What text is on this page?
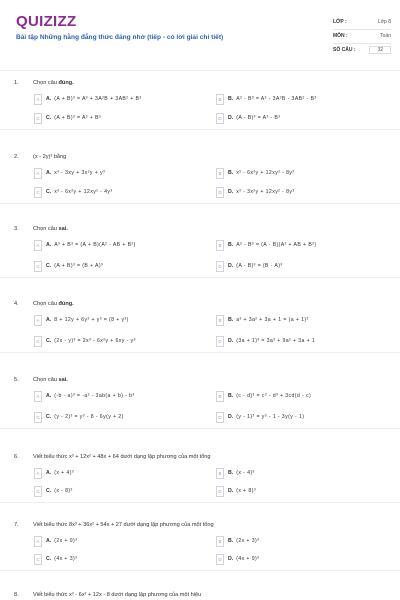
QUIZIZZ
Bài tập Những hằng đẳng thức đáng nhớ (tiếp - có lời giải chi tiết)
LỚP :	Lớp 8
MÔN :	Toán
SỐ CÂU :	32
1.	Chọn câu đúng.
A	A. (A + B)³ = A³ + 3A²B + 3AB² + B³	B	B. A³ - B³ = A³ - 3A²B - 3AB² - B³
C	C. (A + B)³ = A³ + B³	D	D. (A - B)³ = A³ - B³
2.	(x - 2y)³ bằng
A	A. x³ - 3xy + 3x²y + y³	B	B. x³ - 6x²y + 12xy² - 8y³
C	C. x³ - 6x²y + 12xy² - 4y³	D	D. x³ - 3x²y + 12xy² - 8y³
3.	Chọn câu sai.
A	A. A³ + B³ = (A + B)(A² - AB + B²)	B	B. A³ - B³ = (A - B)(A² + AB + B²)
C	C. (A + B)³ = (B + A)³	D	D. (A - B)³ = (B - A)³
4.	Chọn câu đúng.
A	A. 8 + 12y + 6y² + y³ = (8 + y³)	B	B. a³ + 3a² + 3a + 1 = (a + 1)³
C	C. (2x - y)³ = 2x³ - 6x²y + 6xy - y³	D	D. (3a + 1)³ = 3a³ + 9a² + 3a + 1
5.	Chọn câu sai.
A	A. (-b - a)³ = -a³ - 3ab(a + b) - b³	B	B. (c - d)³ = c³ - d³ + 3cd(d - c)
C	C. (y - 2)³ = y³ - 8 - 6y(y + 2)	D	D. (y - 1)³ = y³ - 1 - 3y(y - 1)
6.	Viết biểu thức x³ + 12x² + 48x + 64 dưới dạng lập phương của một tổng
A	A. (x + 4)³	B	B. (x - 4)³
C	C. (x - 8)³	D	D. (x + 8)³
7.	Viết biểu thức 8x³ + 36x² + 54x + 27 dưới dạng lập phương của một tổng
A	A. (2x + 9)³	B	B. (2x + 3)³
C	C. (4x + 3)³	D	D. (4x + 9)³
8.	Viết biểu thức x³ - 6x² + 12x - 8 dưới dạng lập phương của một hiệu
